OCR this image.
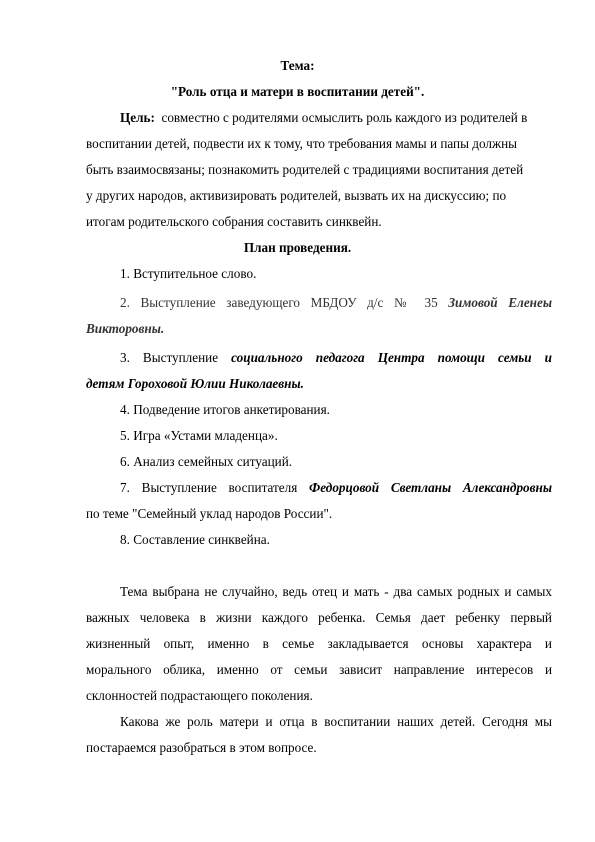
Тема:
"Роль отца и матери в воспитании детей".
Цель: совместно с родителями осмыслить роль каждого из родителей в
воспитании детей, подвести их к тому, что требования мамы и папы должны
быть взаимосвязаны; познакомить родителей с традициями воспитания детей
у других народов, активизировать родителей, вызвать их на дискуссию; по
итогам родительского собрания составить синквейн.
План проведения.
1. Вступительное слово.
2. Выступление заведующего МБДОУ д/с № 35 Зимовой Еленеы
Викторовны.
3. Выступление социального педагога Центра помощи семьи и
детям Гороховой Юлии Николаевны.
4. Подведение итогов анкетирования.
5. Игра «Устами младенца».
6. Анализ семейных ситуаций.
7. Выступление воспитателя Федорцовой Светланы Александровны
по теме "Семейный уклад народов России".
8. Составление синквейна.
Тема выбрана не случайно, ведь отец и мать - два самых родных и самых
важных человека в жизни каждого ребенка. Семья дает ребенку первый
жизненный опыт, именно в семье закладывается основы характера и
морального облика, именно от семьи зависит направление интересов и
склонностей подрастающего поколения.
Какова же роль матери и отца в воспитании наших детей. Сегодня мы
постараемся разобраться в этом вопросе.
